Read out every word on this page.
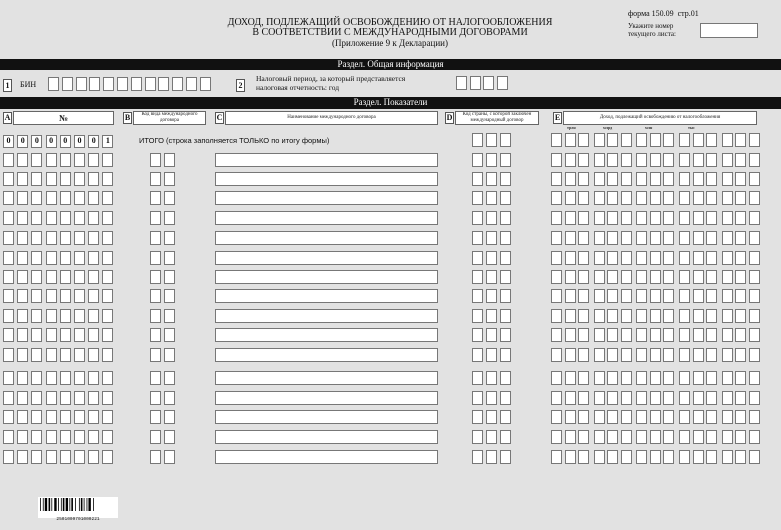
форма 150.09 стр.01
ДОХОД, ПОДЛЕЖАЩИЙ ОСВОБОЖДЕНИЮ ОТ НАЛОГООБЛОЖЕНИЯ
В СООТВЕТСТВИИ С МЕЖДУНАРОДНЫМИ ДОГОВОРАМИ
(Приложение 9 к Декларации)
Укажите номер
текущего листа:
Раздел. Общая информация
1	БИН	2
Налоговый период, за который представляется
налоговая отчетность: год
Раздел. Показатели
A	№	B	Код вида международного договора	C	Наименование международного договора	D	Код страны, с которой заключен международный договор	E	Доход, подлежащий освобождению от налогообложения
трлн	млрд	млн	тыс
0	0	0	0	0	0	0	1	ИТОГО (строка заполняется ТОЛЬКО по итогу формы)
2501009701000221
